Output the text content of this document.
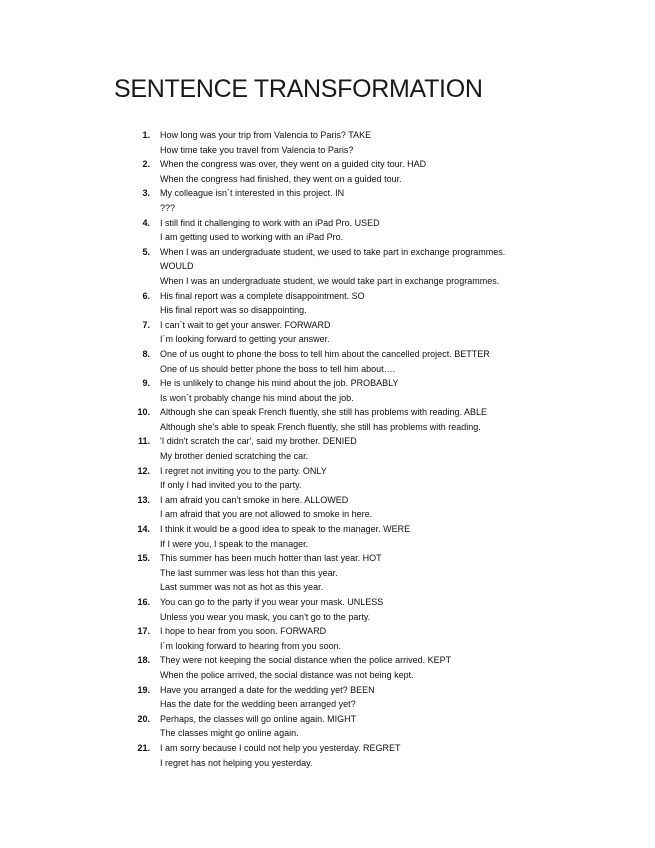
SENTENCE TRANSFORMATION
1.	How long was your trip from Valencia to Paris? TAKE
How time take you travel from Valencia to Paris?
2.	When the congress was over, they went on a guided city tour. HAD
When the congress had finished, they went on a guided tour.
3.	My colleague isn`t interested in this project. IN
???
4.	I still find it challenging to work with an iPad Pro. USED
I am getting used to working with an iPad Pro.
5.	When I was an undergraduate student, we used to take part in exchange programmes.
WOULD
When I was an undergraduate student, we would take part in exchange programmes.
6.	His final report was a complete disappointment. SO
His final report was so disappointing.
7.	I can`t wait to get your answer. FORWARD
I´m looking forward to getting your answer.
8.	One of us ought to phone the boss to tell him about the cancelled project. BETTER
One of us should better phone the boss to tell him about….
9.	He is unlikely to change his mind about the job. PROBABLY
Is won´t probably change his mind about the job.
10.	Although she can speak French fluently, she still has problems with reading. ABLE
Although she's able to speak French fluently, she still has problems with reading.
11.	'I didn't scratch the car', said my brother. DENIED
My brother denied scratching the car.
12.	I regret not inviting you to the party. ONLY
If only I had invited you to the party.
13.	I am afraid you can't smoke in here. ALLOWED
I am afraid that you are not allowed to smoke in here.
14.	I think it would be a good idea to speak to the manager. WERE
If I were you, I speak to the manager.
15.	This summer has been much hotter than last year. HOT
The last summer was less hot than this year.
Last summer was not as hot as this year.
16.	You can go to the party if you wear your mask. UNLESS
Unless you wear you mask, you can't go to the party.
17.	I hope to hear from you soon. FORWARD
I´m looking forward to hearing from you soon.
18.	They were not keeping the social distance when the police arrived. KEPT
When the police arrived, the social distance was not being kept.
19.	Have you arranged a date for the wedding yet? BEEN
Has the date for the wedding been arranged yet?
20.	Perhaps, the classes will go online again. MIGHT
The classes might go online again.
21.	I am sorry because I could not help you yesterday. REGRET
I regret has not helping you yesterday.
